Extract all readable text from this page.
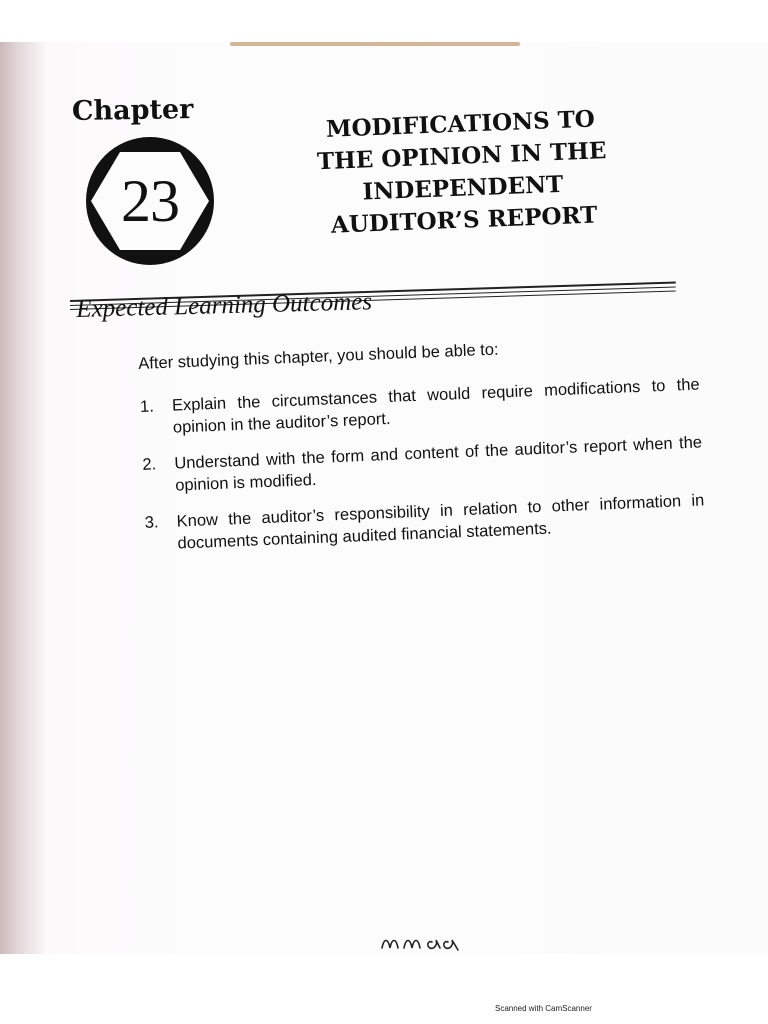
Chapter
23
MODIFICATIONS TO
THE OPINION IN THE
INDEPENDENT
AUDITOR’S REPORT
Expected Learning Outcomes

After studying this chapter, you should be able to:

1.	Explain the circumstances that would require modifications to the opinion in the auditor’s report.
2.	Understand with the form and content of the auditor’s report when the opinion is modified.
3.	Know the auditor’s responsibility in relation to other information in documents containing audited financial statements.
Scanned with CamScanner
